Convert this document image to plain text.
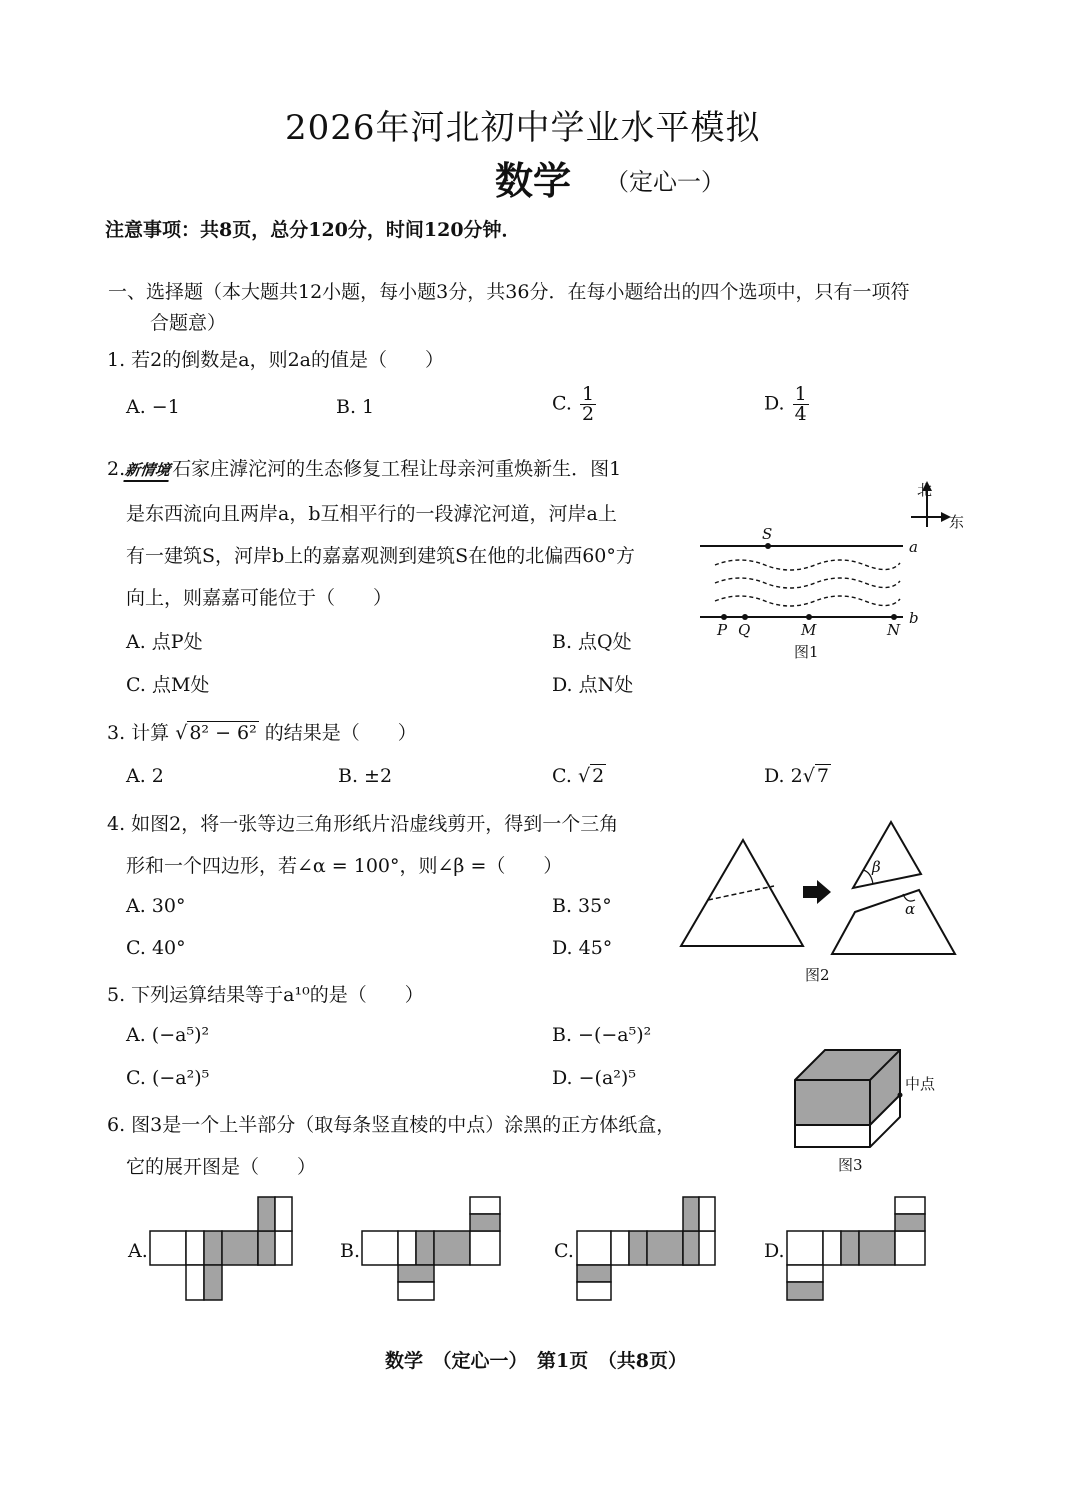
2026年河北初中学业水平模拟
数学 （定心一）
注意事项：共8页，总分120分，时间120分钟．
一、选择题（本大题共12小题，每小题3分，共36分．在每小题给出的四个选项中，只有一项符
合题意）
1. 若2的倒数是a，则2a的值是（　　）
A. −1	B. 1	C. $\frac{1}{2}$	D. $\frac{1}{4}$
2.新情境石家庄滹沱河的生态修复工程让母亲河重焕新生．图1
是东西流向且两岸a，b互相平行的一段滹沱河道，河岸a上
有一建筑S，河岸b上的嘉嘉观测到建筑S在他的北偏西60°方
向上，则嘉嘉可能位于（　　）
A. 点P处	B. 点Q处
C. 点M处	D. 点N处
北
东
S
a
b
P Q	M	N
图1
3. 计算 √ 8² − 6² 的结果是（　　）
A. 2	B. ±2	C. √ 2	D. 2√ 7
4. 如图2，将一张等边三角形纸片沿虚线剪开，得到一个三角
形和一个四边形，若∠α = 100°，则∠β =（　　）
A. 30°	B. 35°
C. 40°	D. 45°
β
α
图2
5. 下列运算结果等于a¹⁰的是（　　）
A. (−a⁵)²	B. −(−a⁵)²
C. (−a²)⁵	D. −(a²)⁵	中点
图3
6. 图3是一个上半部分（取每条竖直棱的中点）涂黑的正方体纸盒，
它的展开图是（　　）
A.	B.	C.	D.
数学　（定心一）　第1页　（共8页）
